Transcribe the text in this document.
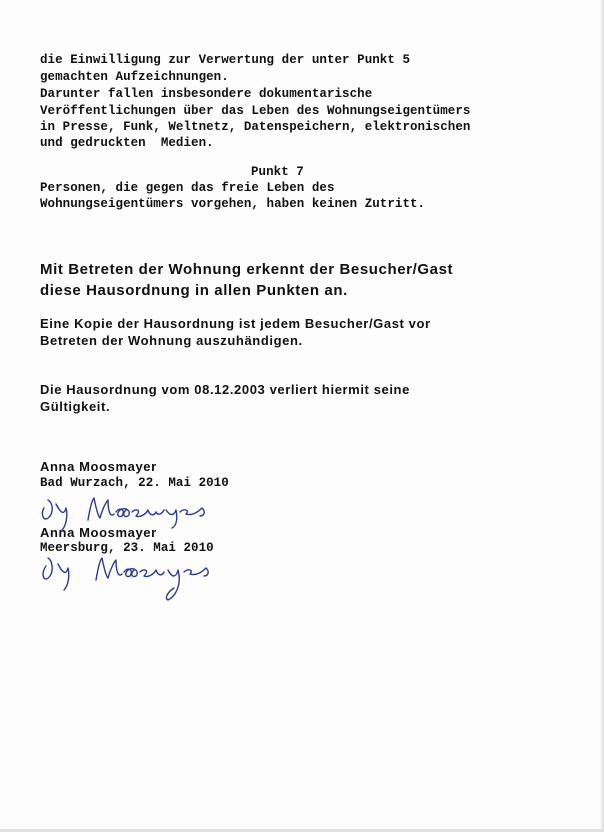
die Einwilligung zur Verwertung der unter Punkt 5
gemachten Aufzeichnungen.
Darunter fallen insbesondere dokumentarische
Veröffentlichungen über das Leben des Wohnungseigentümers
in Presse, Funk, Weltnetz, Datenspeichern, elektronischen
und gedruckten  Medien.
Punkt 7
Personen, die gegen das freie Leben des
Wohnungseigentümers vorgehen, haben keinen Zutritt.
Mit Betreten der Wohnung erkennt der Besucher/Gast
diese Hausordnung in allen Punkten an.
Eine Kopie der Hausordnung ist jedem Besucher/Gast vor
Betreten der Wohnung auszuhändigen.
Die Hausordnung vom 08.12.2003 verliert hiermit seine
Gültigkeit.
Anna Moosmayer
Bad Wurzach, 22. Mai 2010
Anna Moosmayer
Meersburg, 23. Mai 2010
